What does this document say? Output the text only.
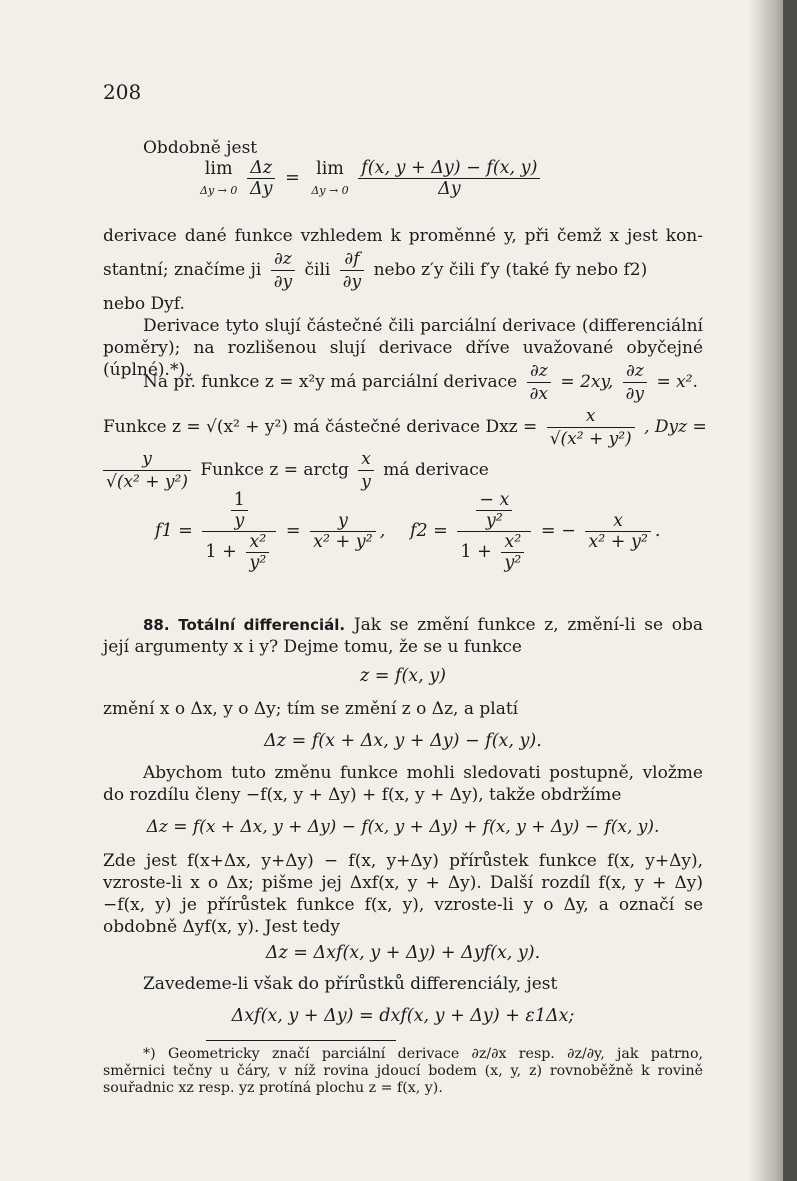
208
Obdobně jest
lim
$\Delta y \to 0 \frac{\Delta z}{\Delta y} = \lim$
$\Delta y \to 0 \frac{f(x, y + \Delta y) - f(x, y)}{\Delta y}$
derivace dané funkce vzhledem k proměnné y, při čemž x jest kon-
stantní; značíme ji $\frac{\partial z}{\partial y}$ čili $\frac{\partial f}{\partial y}$ nebo z′y čili f′y (také fy nebo f2)
nebo Dyf.
Derivace tyto slují částečné čili parciální derivace (differenciální
poměry); na rozlišenou slují derivace dříve uvažované obyčejné (úplné).*)
Na př. funkce z = x²y má parciální derivace $\frac{\partial z}{\partial x} = 2xy$, $\frac{\partial z}{\partial y} = x^2$.
Funkce z = √(x² + y²) má částečné derivace Dxz = $\frac{x}{\text{√(x² + y²)}}$ , Dyz =
$\frac{y}{\text{√(x² + y²)}}$ Funkce z = arctg $\frac{x}{y}$ má derivace
$f1 = \frac{\frac{1}{y}}{1 + \frac{\text{x²}}{\text{y²}}} = \frac{y}{\text{x² + y²}}$ ,	$f2 = \frac{\frac{- x}{\text{y²}}}{1 + \frac{\text{x²}}{\text{y²}}}$ = − $\frac{x}{\text{x² + y²}}$ .
88. Totální differenciál. Jak se změní funkce z, změní-li se oba
její argumenty x i y? Dejme tomu, že se u funkce
z = f(x, y)
změní x o Δx, y o Δy; tím se změní z o Δz, a platí
Δz = f(x + Δx, y + Δy) − f(x, y).
Abychom tuto změnu funkce mohli sledovati postupně, vložme
do rozdílu členy −f(x, y + Δy) + f(x, y + Δy), takže obdržíme
Δz = f(x + Δx, y + Δy) − f(x, y + Δy) + f(x, y + Δy) − f(x, y).
Zde jest f(x+Δx, y+Δy) − f(x, y+Δy) přírůstek funkce f(x, y+Δy),
vzroste-li x o Δx; pišme jej Δxf(x, y + Δy). Další rozdíl f(x, y + Δy)
−f(x, y) je přírůstek funkce f(x, y), vzroste-li y o Δy, a označí se
obdobně Δyf(x, y). Jest tedy
Δz = Δxf(x, y + Δy) + Δyf(x, y).
Zavedeme-li však do přírůstků differenciály, jest
Δxf(x, y + Δy) = dxf(x, y + Δy) + ε1Δx;
*) Geometricky značí parciální derivace ∂z/∂x resp. ∂z/∂y, jak patrno,
směrnici tečny u čáry, v níž rovina jdoucí bodem (x, y, z) rovnoběžně k rovině
souřadnic xz resp. yz protíná plochu z = f(x, y).
